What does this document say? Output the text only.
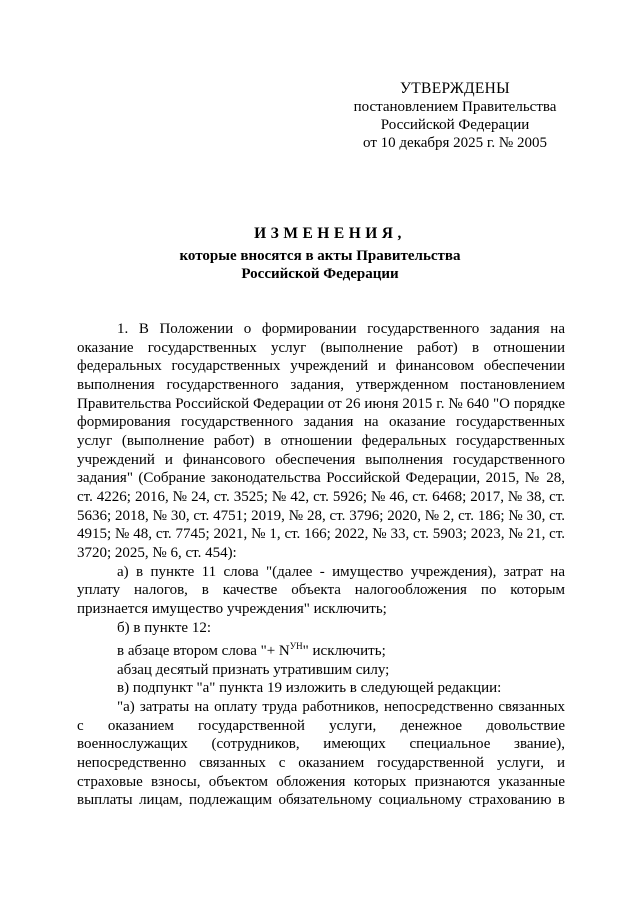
УТВЕРЖДЕНЫ
постановлением Правительства
Российской Федерации
от 10 декабря 2025 г. № 2005
ИЗМЕНЕНИЯ,
которые вносятся в акты Правительства
Российской Федерации

1. В Положении о формировании государственного задания на оказание государственных услуг (выполнение работ) в отношении федеральных государственных учреждений и финансовом обеспечении выполнения государственного задания, утвержденном постановлением Правительства Российской Федерации от 26 июня 2015 г. № 640 "О порядке формирования государственного задания на оказание государственных услуг (выполнение работ) в отношении федеральных государственных учреждений и финансового обеспечения выполнения государственного задания" (Собрание законодательства Российской Федерации, 2015, № 28, ст. 4226; 2016, № 24, ст. 3525; № 42, ст. 5926; № 46, ст. 6468; 2017, № 38, ст. 5636; 2018, № 30, ст. 4751; 2019, № 28, ст. 3796; 2020, № 2, ст. 186; № 30, ст. 4915; № 48, ст. 7745; 2021, № 1, ст. 166; 2022, № 33, ст. 5903; 2023, № 21, ст. 3720; 2025, № 6, ст. 454):

а) в пункте 11 слова "(далее - имущество учреждения), затрат на уплату налогов, в качестве объекта налогообложения по которым признается имущество учреждения" исключить;

б) в пункте 12:

в абзаце втором слова "+ $N^{УН}$" исключить;

абзац десятый признать утратившим силу;

в) подпункт "а" пункта 19 изложить в следующей редакции:

"а) затраты на оплату труда работников, непосредственно связанных с оказанием государственной услуги, денежное довольствие военнослужащих (сотрудников, имеющих специальное звание), непосредственно связанных с оказанием государственной услуги, и страховые взносы, объектом обложения которых признаются указанные выплаты лицам, подлежащим обязательному социальному страхованию в
